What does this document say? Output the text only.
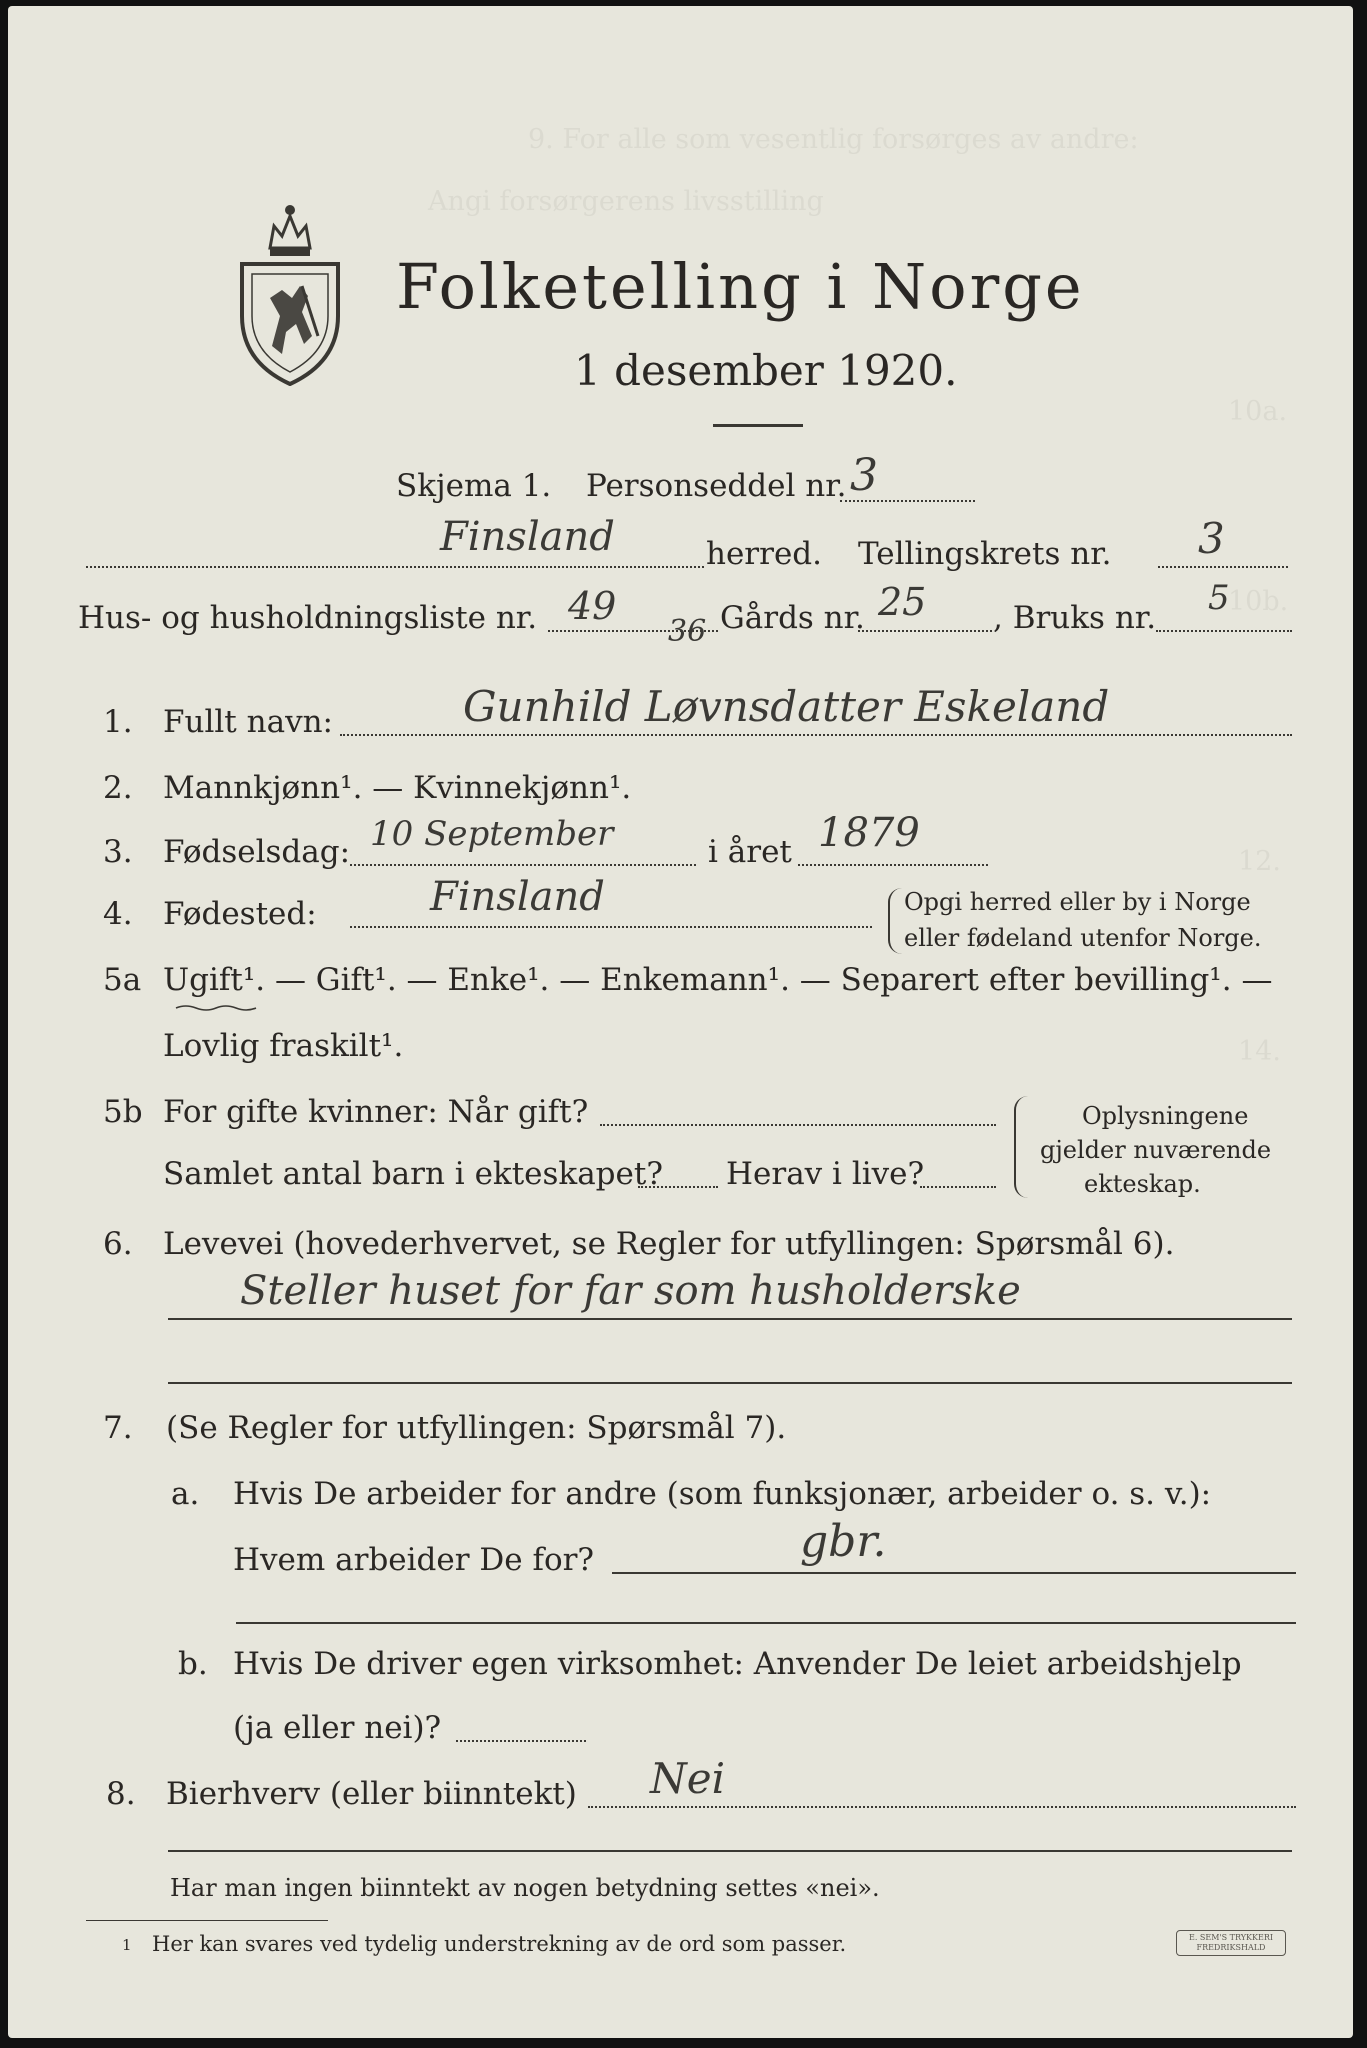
9. For alle som vesentlig forsørges av andre:
Angi forsørgerens livsstilling
10a.
10b.
12.
14.
Folketelling i Norge
1 desember 1920.
Skjema 1. Personseddel nr. 3
Finsland	herred. Tellingskrets nr. 3
Hus- og husholdningsliste nr. 49
36 Gårds nr. 25 , Bruks nr. 5
1. Fullt navn:	Gunhild Løvnsdatter Eskeland
2. Mannkjønn¹. — Kvinnekjønn¹.
3. Fødselsdag: 10 September	i året 1879
4. Fødested:	Finsland	Opgi herred eller by i Norge
eller fødeland utenfor Norge.
5a Ugift¹. — Gift¹. — Enke¹. — Enkemann¹. — Separert efter bevilling¹. —
Lovlig fraskilt¹.
5b For gifte kvinner: Når gift?
Samlet antal barn i ekteskapet? Herav i live?
Oplysningene
gjelder nuværende
ekteskap.
6. Levevei (hovederhvervet, se Regler for utfyllingen: Spørsmål 6).
Steller huset for far som husholderske
7. (Se Regler for utfyllingen: Spørsmål 7).
a. Hvis De arbeider for andre (som funksjonær, arbeider o. s. v.):
Hvem arbeider De for?	gbr.
b. Hvis De driver egen virksomhet: Anvender De leiet arbeidshjelp
(ja eller nei)?
8. Bierhverv (eller biinntekt) Nei
Har man ingen biinntekt av nogen betydning settes «nei».
1 Her kan svares ved tydelig understrekning av de ord som passer.	E. SEM'S TRYKKERI
FREDRIKSHALD
